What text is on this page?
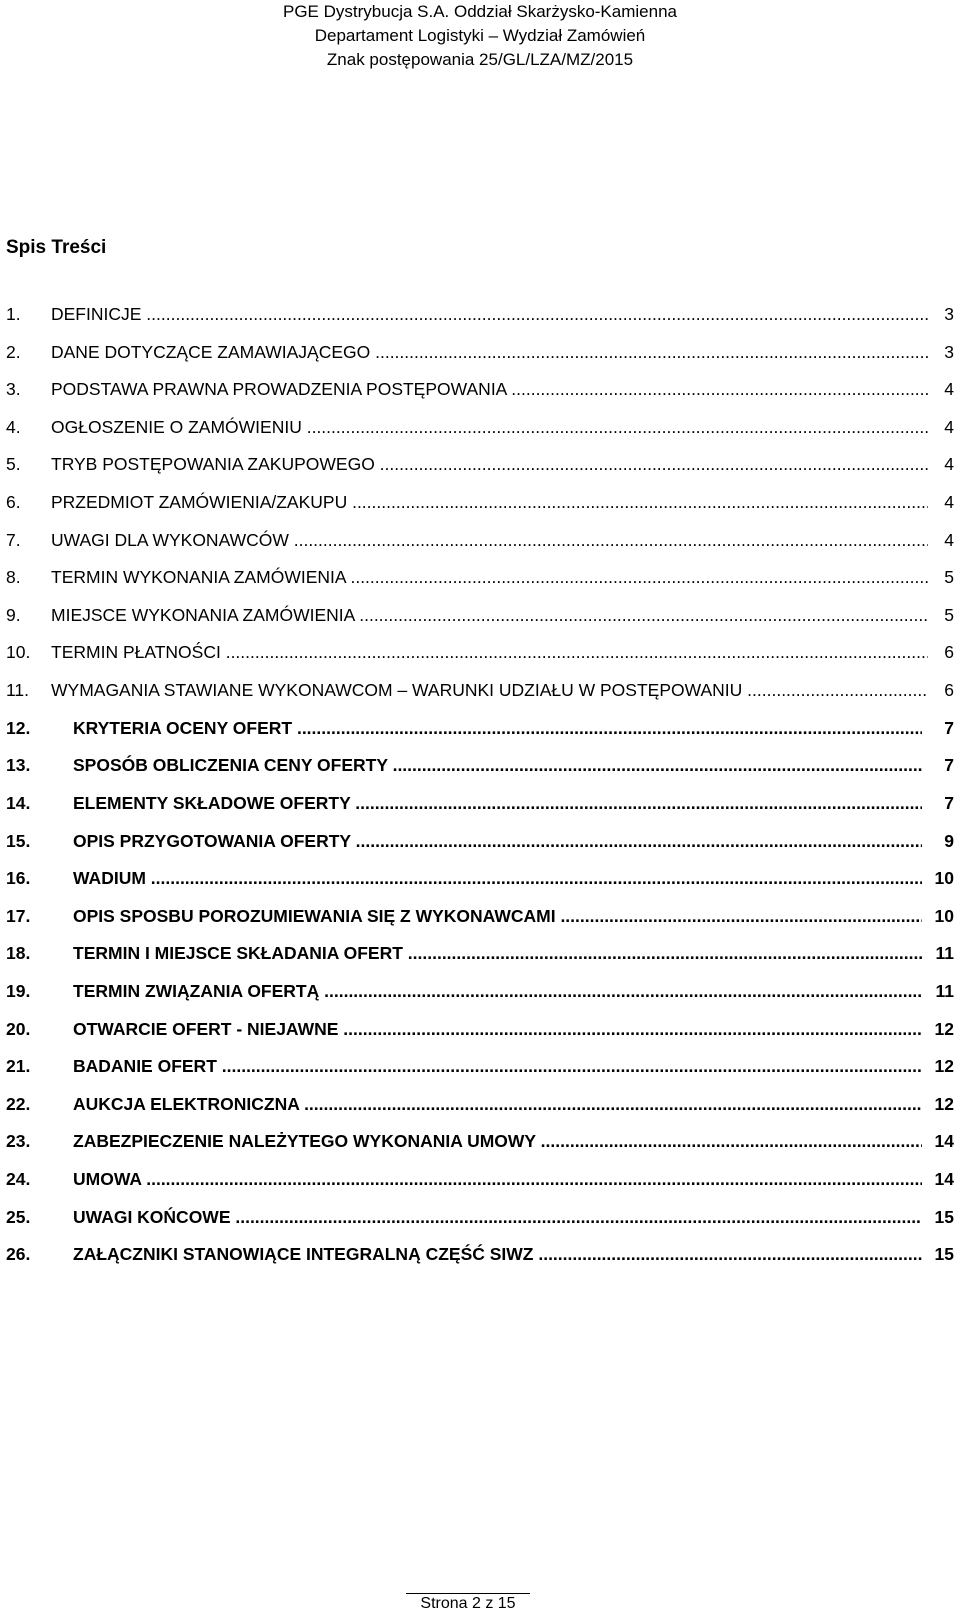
PGE Dystrybucja S.A. Oddział Skarżysko-Kamienna
Departament Logistyki – Wydział Zamówień
Znak postępowania 25/GL/LZA/MZ/2015
Spis Treści
1. DEFINICJE .....	3
2. DANE DOTYCZĄCE ZAMAWIAJĄCEGO .....	3
3. PODSTAWA PRAWNA PROWADZENIA POSTĘPOWANIA .....	4
4. OGŁOSZENIE O ZAMÓWIENIU .....	4
5. TRYB POSTĘPOWANIA ZAKUPOWEGO .....	4
6. PRZEDMIOT ZAMÓWIENIA/ZAKUPU .....	4
7. UWAGI DLA WYKONAWCÓW .....	4
8. TERMIN WYKONANIA ZAMÓWIENIA .....	5
9. MIEJSCE WYKONANIA ZAMÓWIENIA .....	5
10. TERMIN PŁATNOŚCI .....	6
11. WYMAGANIA STAWIANE WYKONAWCOM – WARUNKI UDZIAŁU W POSTĘPOWANIU .....	6
12. KRYTERIA OCENY OFERT .....	7
13. SPOSÓB OBLICZENIA CENY OFERTY .....	7
14. ELEMENTY SKŁADOWE OFERTY .....	7
15. OPIS PRZYGOTOWANIA OFERTY .....	9
16. WADIUM .....	10
17. OPIS SPOSBU POROZUMIEWANIA SIĘ Z WYKONAWCAMI .....	10
18. TERMIN I MIEJSCE SKŁADANIA OFERT .....	11
19. TERMIN ZWIĄZANIA OFERTĄ .....	11
20. OTWARCIE OFERT - NIEJAWNE .....	12
21. BADANIE OFERT .....	12
22. AUKCJA ELEKTRONICZNA .....	12
23. ZABEZPIECZENIE NALEŻYTEGO WYKONANIA UMOWY .....	14
24. UMOWA .....	14
25. UWAGI KOŃCOWE .....	15
26. ZAŁĄCZNIKI STANOWIĄCE INTEGRALNĄ CZĘŚĆ SIWZ .....	15
Strona 2 z 15
